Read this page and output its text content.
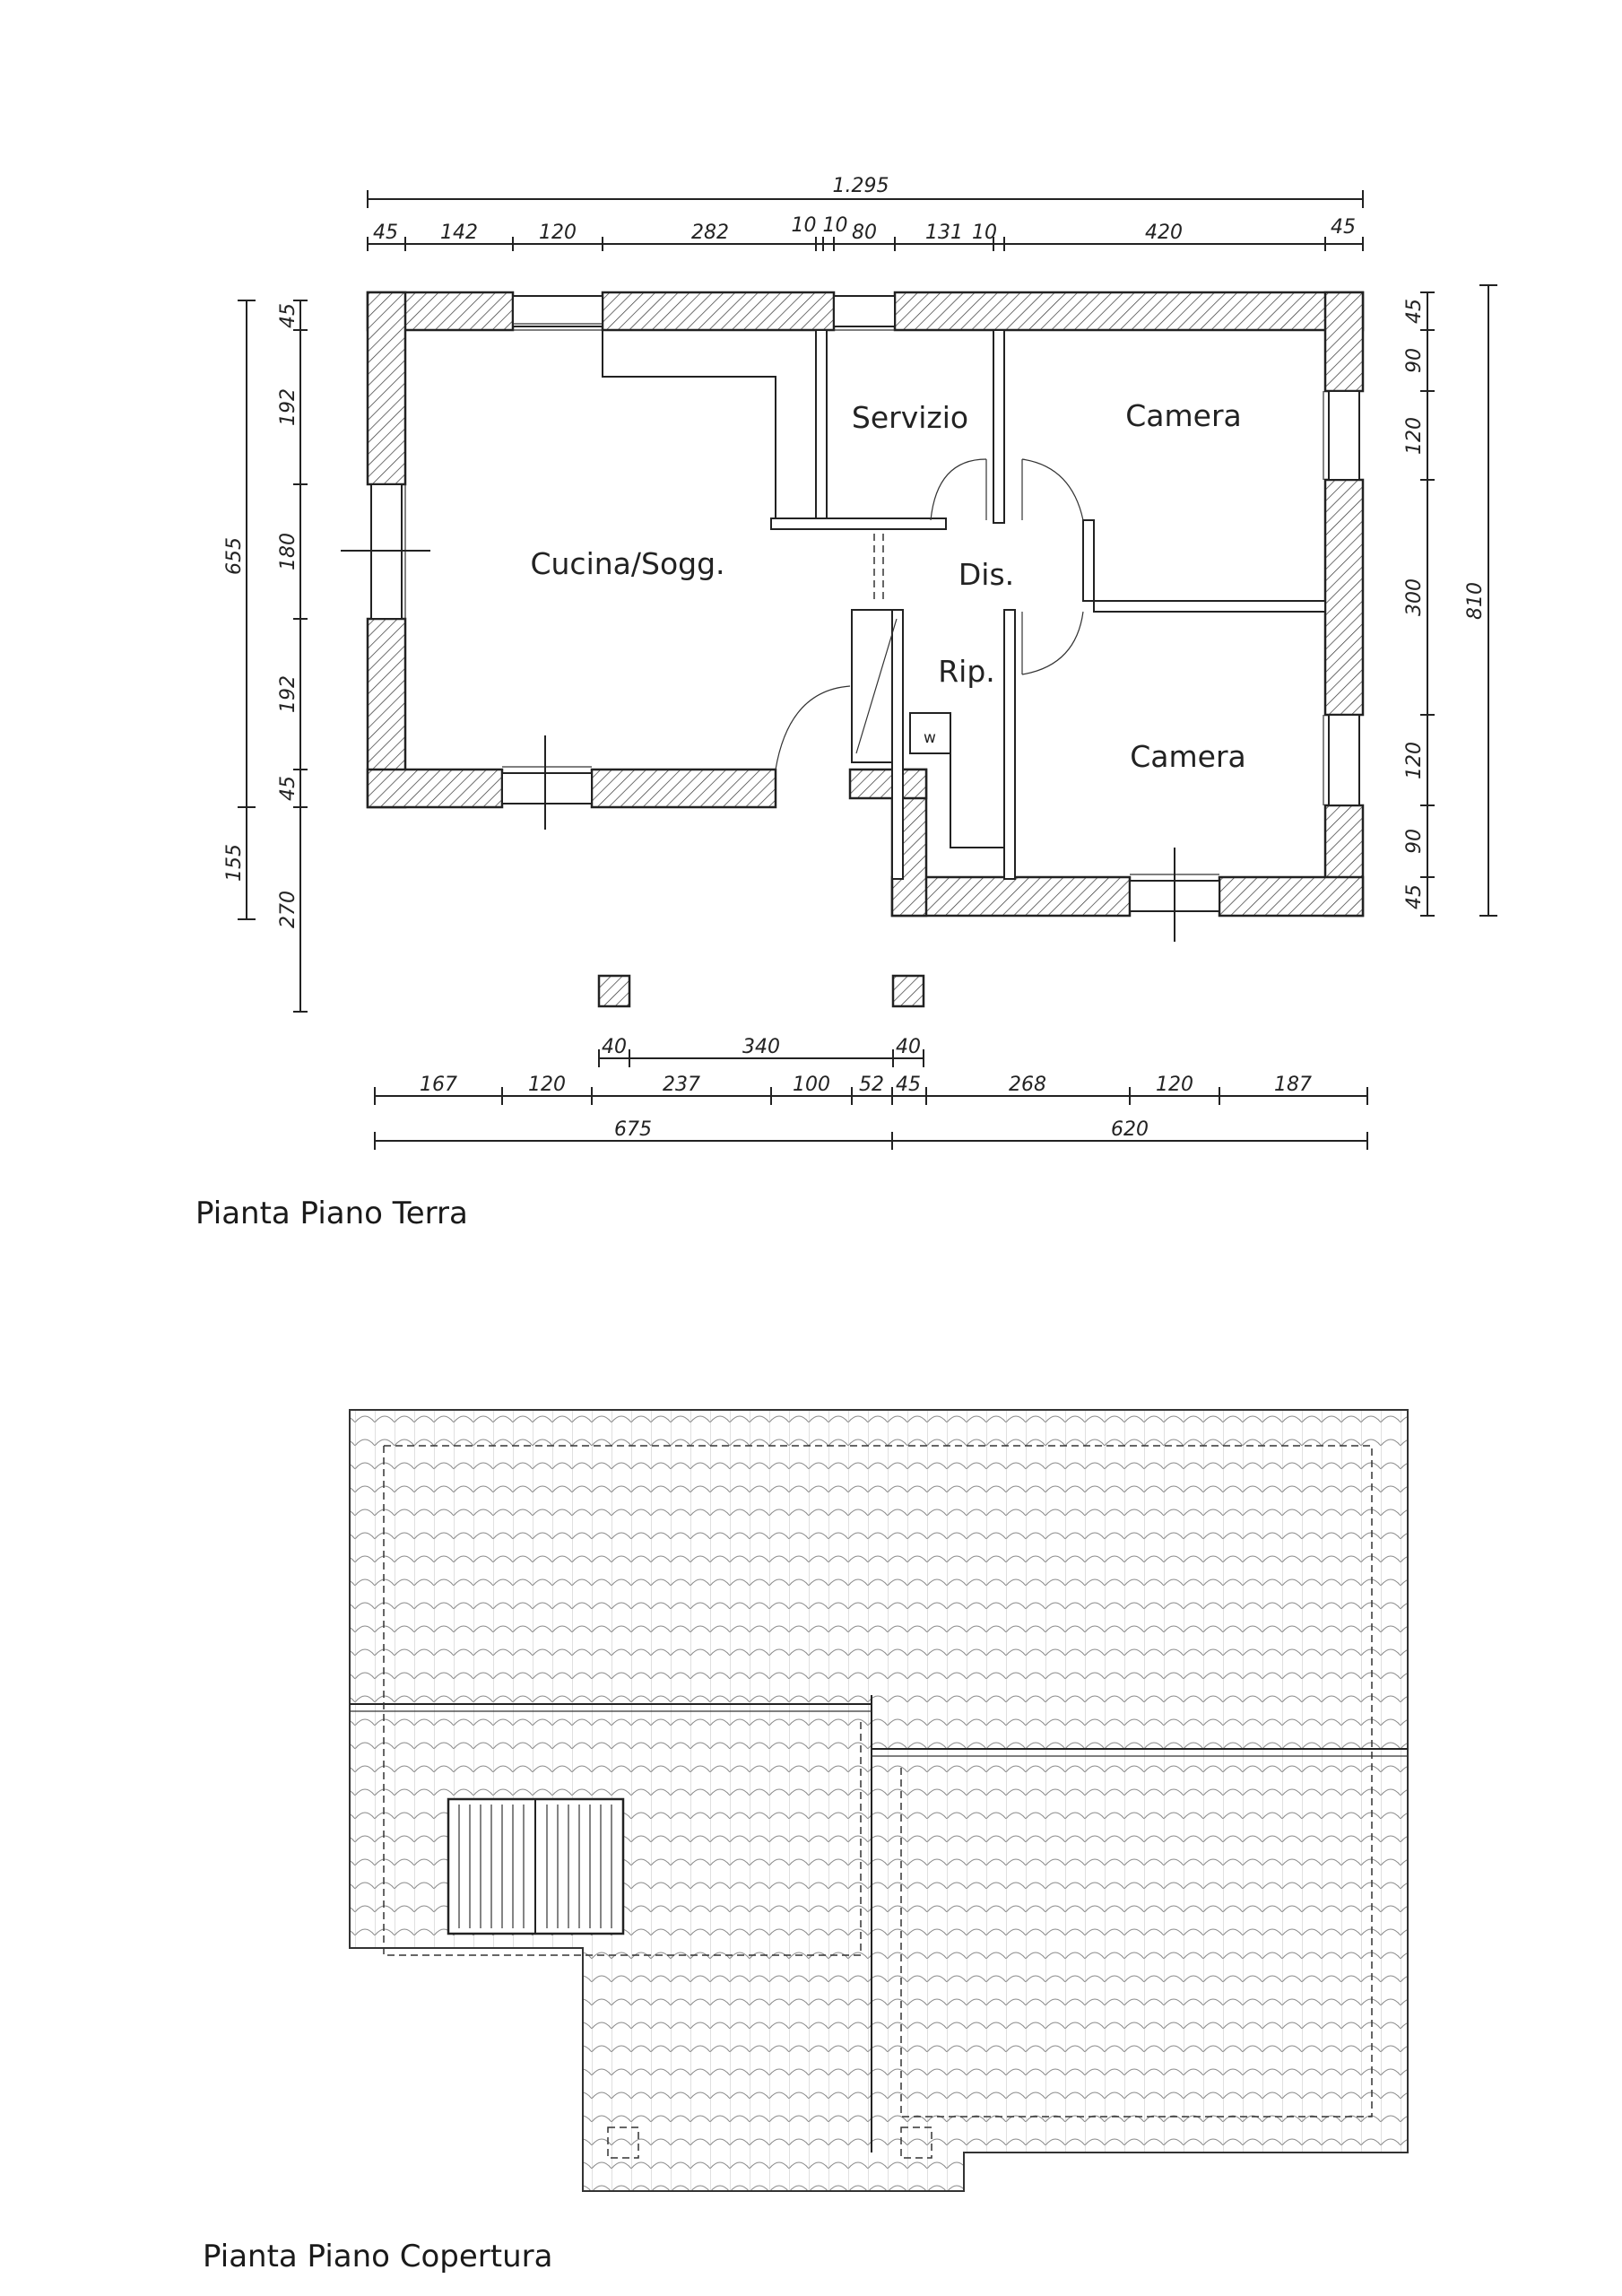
Cucina/Sogg.
Servizio	Camera
Dis.
Rip.
Camera
w
1.295
45 142	120	282	10 10 80 131 10	420	45
655
155
45
192
180
192
45
270
45
90
120
300
120
90
45
810
40	340	40
167	120	237	100 52 45	268	120	187
675	620
Pianta Piano Terra
Pianta Piano Copertura
